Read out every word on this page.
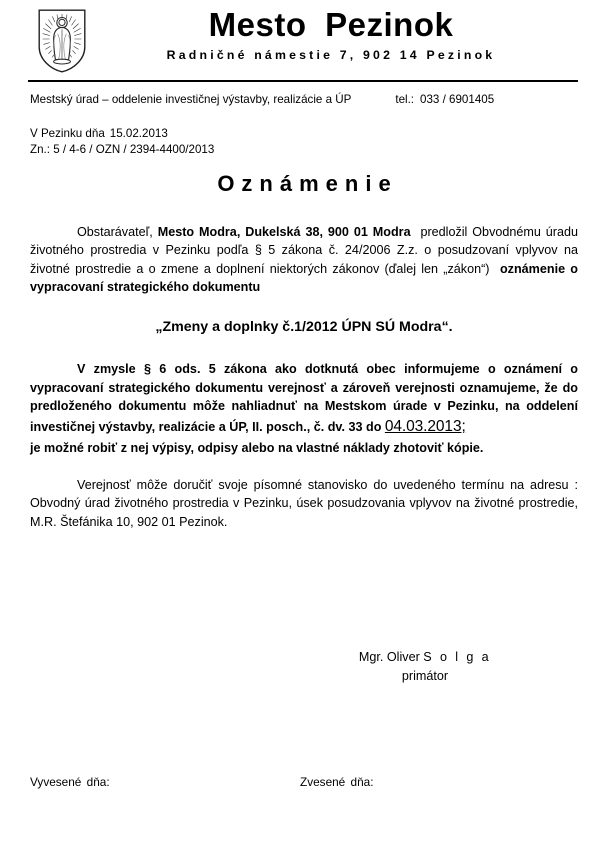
Mesto Pezinok

Radničné námestie 7, 902 14 Pezinok

Mestský úrad – oddelenie investičnej výstavby, realizácie a ÚP	tel.: 033 / 6901405
V Pezinku dňa 15.02.2013
Zn.: 5 / 4-6 / OZN / 2394-4400/2013
Oznámenie

Obstarávateľ, Mesto Modra, Dukelská 38, 900 01 Modra predložil Obvodnému úradu životného prostredia v Pezinku podľa § 5 zákona č. 24/2006 Z.z. o posudzovaní vplyvov na životné prostredie a o zmene a doplnení niektorých zákonov (ďalej len „zákon“) oznámenie o vypracovaní strategického dokumentu

„Zmeny a doplnky č.1/2012 ÚPN SÚ Modra“.

V zmysle § 6 ods. 5 zákona ako dotknutá obec informujeme o oznámení o vypracovaní strategického dokumentu verejnosť a zároveň verejnosti oznamujeme, že do predloženého dokumentu môže nahliadnuť na Mestskom úrade v Pezinku, na oddelení investičnej výstavby, realizácie a ÚP, II. posch., č. dv. 33 do 04.03.2013;
je možné robiť z nej výpisy, odpisy alebo na vlastné náklady zhotoviť kópie.

Verejnosť môže doručiť svoje písomné stanovisko do uvedeného termínu na adresu : Obvodný úrad životného prostredia v Pezinku, úsek posudzovania vplyvov na životné prostredie, M.R. Štefánika 10, 902 01 Pezinok.

Mgr. Oliver S o l g a
primátor
Vyvesené dňa:	Zvesené dňa:
